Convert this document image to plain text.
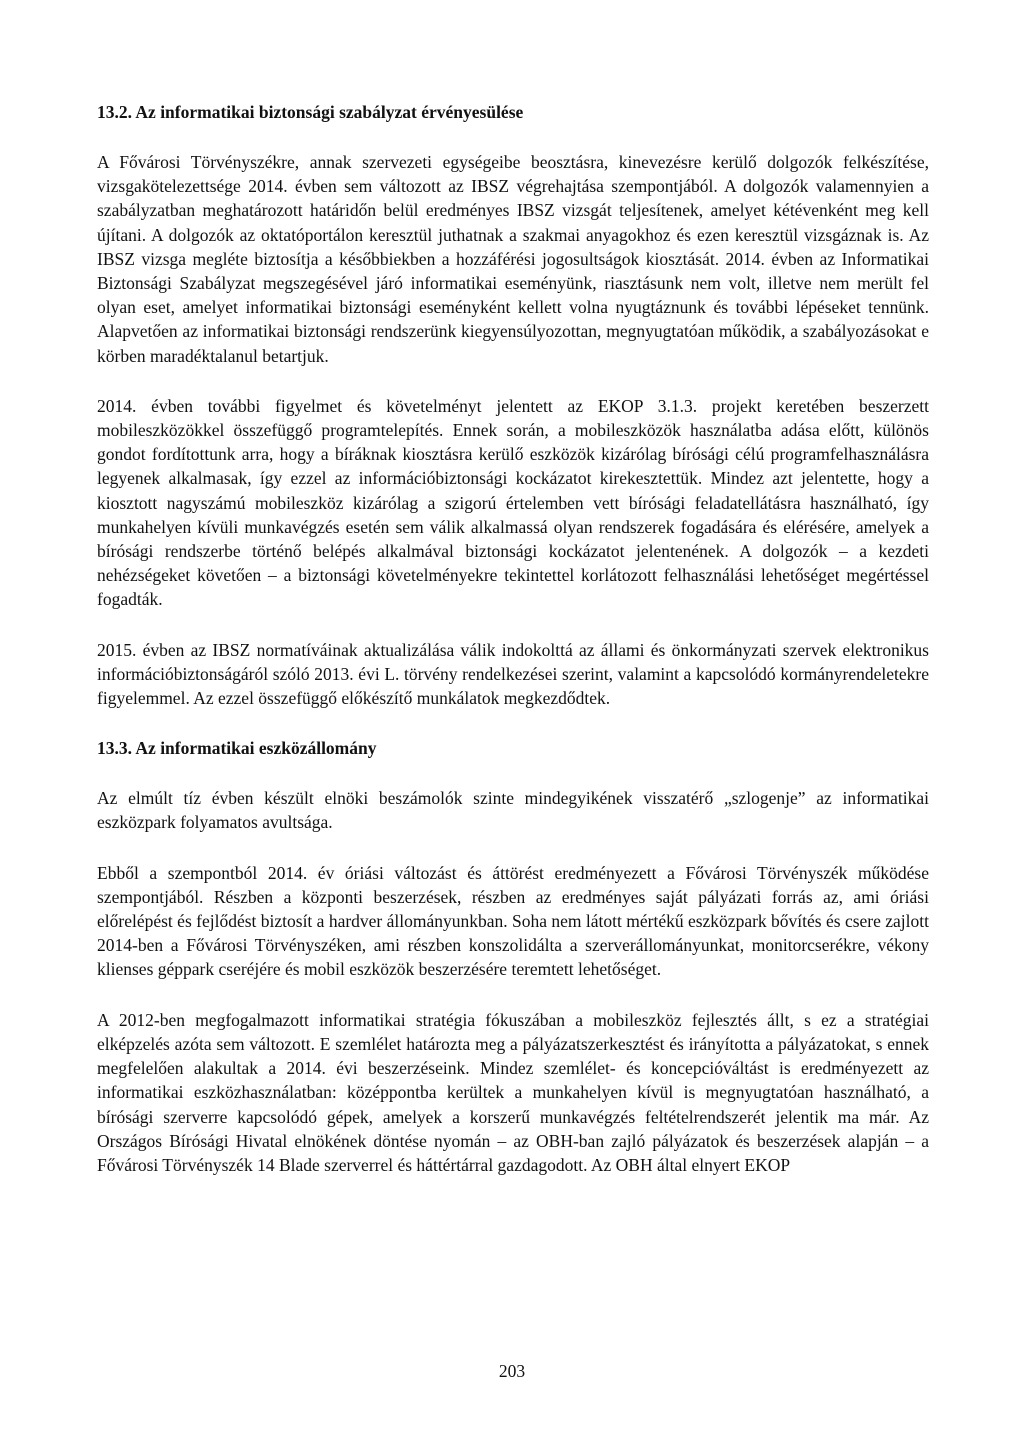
13.2. Az informatikai biztonsági szabályzat érvényesülése

A Fővárosi Törvényszékre, annak szervezeti egységeibe beosztásra, kinevezésre kerülő dolgozók felkészítése, vizsgakötelezettsége 2014. évben sem változott az IBSZ végrehajtása szempontjából. A dolgozók valamennyien a szabályzatban meghatározott határidőn belül eredményes IBSZ vizsgát teljesítenek, amelyet kétévenként meg kell újítani. A dolgozók az oktatóportálon keresztül juthatnak a szakmai anyagokhoz és ezen keresztül vizsgáznak is. Az IBSZ vizsga megléte biztosítja a későbbiekben a hozzáférési jogosultságok kiosztását. 2014. évben az Informatikai Biztonsági Szabályzat megszegésével járó informatikai eseményünk, riasztásunk nem volt, illetve nem merült fel olyan eset, amelyet informatikai biztonsági eseményként kellett volna nyugtáznunk és további lépéseket tennünk. Alapvetően az informatikai biztonsági rendszerünk kiegyensúlyozottan, megnyugtatóan működik, a szabályozásokat e körben maradéktalanul betartjuk.

2014. évben további figyelmet és követelményt jelentett az EKOP 3.1.3. projekt keretében beszerzett mobileszközökkel összefüggő programtelepítés. Ennek során, a mobileszközök használatba adása előtt, különös gondot fordítottunk arra, hogy a bíráknak kiosztásra kerülő eszközök kizárólag bírósági célú programfelhasználásra legyenek alkalmasak, így ezzel az információbiztonsági kockázatot kirekesztettük. Mindez azt jelentette, hogy a kiosztott nagyszámú mobileszköz kizárólag a szigorú értelemben vett bírósági feladatellátásra használható, így munkahelyen kívüli munkavégzés esetén sem válik alkalmassá olyan rendszerek fogadására és elérésére, amelyek a bírósági rendszerbe történő belépés alkalmával biztonsági kockázatot jelentenének. A dolgozók – a kezdeti nehézségeket követően – a biztonsági követelményekre tekintettel korlátozott felhasználási lehetőséget megértéssel fogadták.

2015. évben az IBSZ normatíváinak aktualizálása válik indokolttá az állami és önkormányzati szervek elektronikus információbiztonságáról szóló 2013. évi L. törvény rendelkezései szerint, valamint a kapcsolódó kormányrendeletekre figyelemmel. Az ezzel összefüggő előkészítő munkálatok megkezdődtek.

13.3. Az informatikai eszközállomány

Az elmúlt tíz évben készült elnöki beszámolók szinte mindegyikének visszatérő „szlogenje” az informatikai eszközpark folyamatos avultsága.

Ebből a szempontból 2014. év óriási változást és áttörést eredményezett a Fővárosi Törvényszék működése szempontjából. Részben a központi beszerzések, részben az eredményes saját pályázati forrás az, ami óriási előrelépést és fejlődést biztosít a hardver állományunkban. Soha nem látott mértékű eszközpark bővítés és csere zajlott 2014-ben a Fővárosi Törvényszéken, ami részben konszolidálta a szerverállományunkat, monitorcserékre, vékony klienses géppark cseréjére és mobil eszközök beszerzésére teremtett lehetőséget.

A 2012-ben megfogalmazott informatikai stratégia fókuszában a mobileszköz fejlesztés állt, s ez a stratégiai elképzelés azóta sem változott. E szemlélet határozta meg a pályázatszerkesztést és irányította a pályázatokat, s ennek megfelelően alakultak a 2014. évi beszerzéseink. Mindez szemlélet- és koncepcióváltást is eredményezett az informatikai eszközhasználatban: középpontba kerültek a munkahelyen kívül is megnyugtatóan használható, a bírósági szerverre kapcsolódó gépek, amelyek a korszerű munkavégzés feltételrendszerét jelentik ma már. Az Országos Bírósági Hivatal elnökének döntése nyomán – az OBH-ban zajló pályázatok és beszerzések alapján – a Fővárosi Törvényszék 14 Blade szerverrel és háttértárral gazdagodott. Az OBH által elnyert EKOP

203
